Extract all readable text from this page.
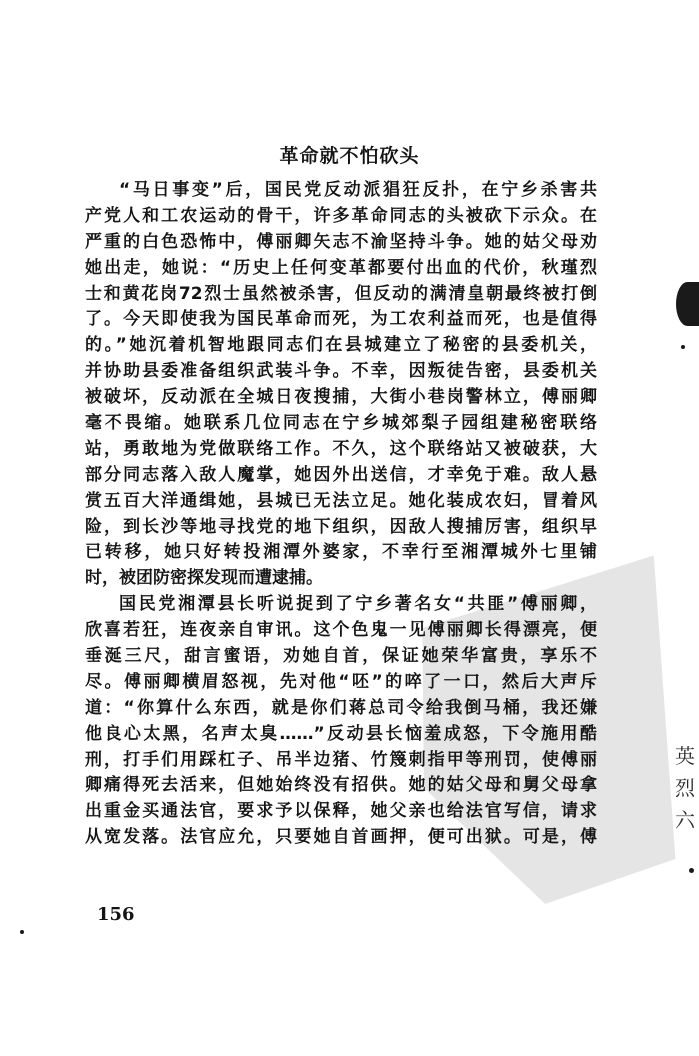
革命就不怕砍头
“马日事变”后，国民党反动派猖狂反扑，在宁乡杀害共
产党人和工农运动的骨干，许多革命同志的头被砍下示众。在
严重的白色恐怖中，傅丽卿矢志不渝坚持斗争。她的姑父母劝
她出走，她说：“历史上任何变革都要付出血的代价，秋瑾烈
士和黄花岗72烈士虽然被杀害，但反动的满清皇朝最终被打倒
了。今天即使我为国民革命而死，为工农利益而死，也是值得
的。”她沉着机智地跟同志们在县城建立了秘密的县委机关，
并协助县委准备组织武装斗争。不幸，因叛徒告密，县委机关
被破坏，反动派在全城日夜搜捕，大街小巷岗警林立，傅丽卿
毫不畏缩。她联系几位同志在宁乡城郊梨子园组建秘密联络
站，勇敢地为党做联络工作。不久，这个联络站又被破获，大
部分同志落入敌人魔掌，她因外出送信，才幸免于难。敌人悬
赏五百大洋通缉她，县城已无法立足。她化装成农妇，冒着风
险，到长沙等地寻找党的地下组织，因敌人搜捕厉害，组织早
已转移，她只好转投湘潭外婆家，不幸行至湘潭城外七里铺
时，被团防密探发现而遭逮捕。
国民党湘潭县长听说捉到了宁乡著名女“共匪”傅丽卿，
欣喜若狂，连夜亲自审讯。这个色鬼一见傅丽卿长得漂亮，便
垂涎三尺，甜言蜜语，劝她自首，保证她荣华富贵，享乐不
尽。傅丽卿横眉怒视，先对他“呸”的啐了一口，然后大声斥
道：“你算什么东西，就是你们蒋总司令给我倒马桶，我还嫌
他良心太黑，名声太臭……”反动县长恼羞成怒，下令施用酷
刑，打手们用踩杠子、吊半边猪、竹篾刺指甲等刑罚，使傅丽
卿痛得死去活来，但她始终没有招供。她的姑父母和舅父母拿
出重金买通法官，要求予以保释，她父亲也给法官写信，请求
从宽发落。法官应允，只要她自首画押，便可出狱。可是，傅
156
英烈六
